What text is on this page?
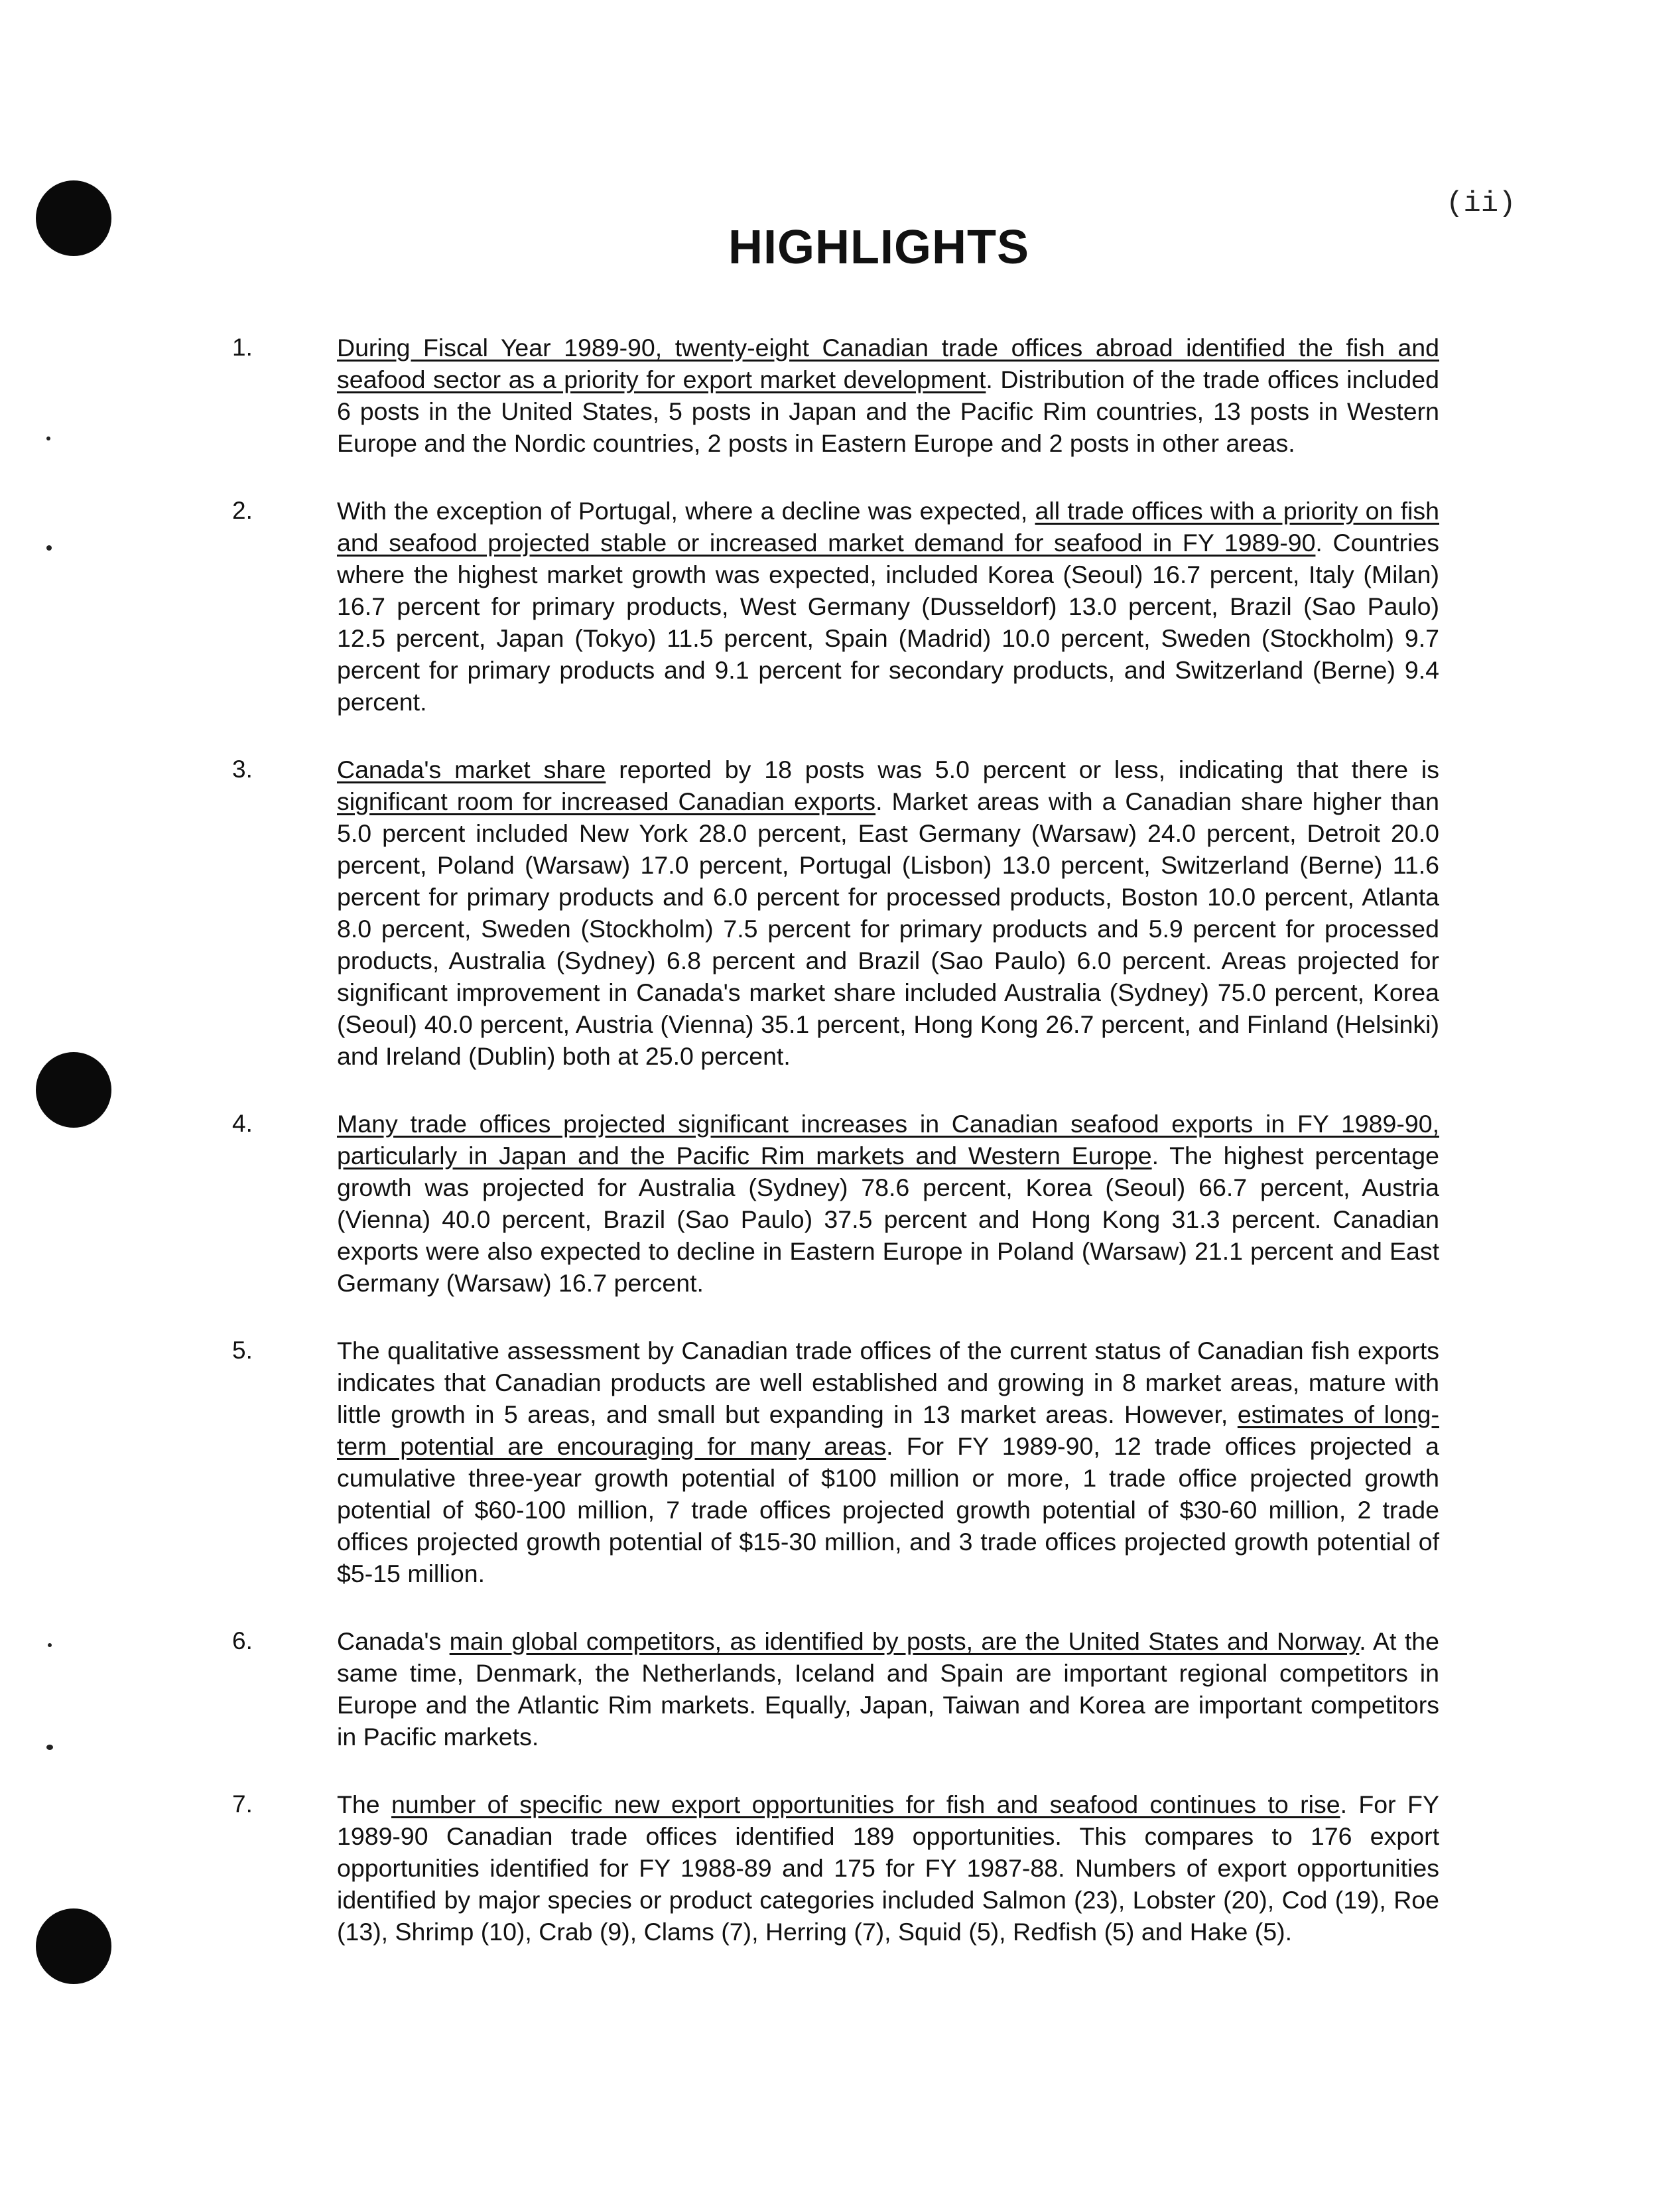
(ii)
HIGHLIGHTS
1.	During Fiscal Year 1989-90, twenty-eight Canadian trade offices abroad identified the fish and seafood sector as a priority for export market development. Distribution of the trade offices included 6 posts in the United States, 5 posts in Japan and the Pacific Rim countries, 13 posts in Western Europe and the Nordic countries, 2 posts in Eastern Europe and 2 posts in other areas.
2.	With the exception of Portugal, where a decline was expected, all trade offices with a priority on fish and seafood projected stable or increased market demand for seafood in FY 1989-90. Countries where the highest market growth was expected, included Korea (Seoul) 16.7 percent, Italy (Milan) 16.7 percent for primary products, West Germany (Dusseldorf) 13.0 percent, Brazil (Sao Paulo) 12.5 percent, Japan (Tokyo) 11.5 percent, Spain (Madrid) 10.0 percent, Sweden (Stockholm) 9.7 percent for primary products and 9.1 percent for secondary products, and Switzerland (Berne) 9.4 percent.
3.	Canada's market share reported by 18 posts was 5.0 percent or less, indicating that there is significant room for increased Canadian exports. Market areas with a Canadian share higher than 5.0 percent included New York 28.0 percent, East Germany (Warsaw) 24.0 percent, Detroit 20.0 percent, Poland (Warsaw) 17.0 percent, Portugal (Lisbon) 13.0 percent, Switzerland (Berne) 11.6 percent for primary products and 6.0 percent for processed products, Boston 10.0 percent, Atlanta 8.0 percent, Sweden (Stockholm) 7.5 percent for primary products and 5.9 percent for processed products, Australia (Sydney) 6.8 percent and Brazil (Sao Paulo) 6.0 percent. Areas projected for significant improvement in Canada's market share included Australia (Sydney) 75.0 percent, Korea (Seoul) 40.0 percent, Austria (Vienna) 35.1 percent, Hong Kong 26.7 percent, and Finland (Helsinki) and Ireland (Dublin) both at 25.0 percent.
4.	Many trade offices projected significant increases in Canadian seafood exports in FY 1989-90, particularly in Japan and the Pacific Rim markets and Western Europe. The highest percentage growth was projected for Australia (Sydney) 78.6 percent, Korea (Seoul) 66.7 percent, Austria (Vienna) 40.0 percent, Brazil (Sao Paulo) 37.5 percent and Hong Kong 31.3 percent. Canadian exports were also expected to decline in Eastern Europe in Poland (Warsaw) 21.1 percent and East Germany (Warsaw) 16.7 percent.
5.	The qualitative assessment by Canadian trade offices of the current status of Canadian fish exports indicates that Canadian products are well established and growing in 8 market areas, mature with little growth in 5 areas, and small but expanding in 13 market areas. However, estimates of long-term potential are encouraging for many areas. For FY 1989-90, 12 trade offices projected a cumulative three-year growth potential of $100 million or more, 1 trade office projected growth potential of $60-100 million, 7 trade offices projected growth potential of $30-60 million, 2 trade offices projected growth potential of $15-30 million, and 3 trade offices projected growth potential of $5-15 million.
6.	Canada's main global competitors, as identified by posts, are the United States and Norway. At the same time, Denmark, the Netherlands, Iceland and Spain are important regional competitors in Europe and the Atlantic Rim markets. Equally, Japan, Taiwan and Korea are important competitors in Pacific markets.
7.	The number of specific new export opportunities for fish and seafood continues to rise. For FY 1989-90 Canadian trade offices identified 189 opportunities. This compares to 176 export opportunities identified for FY 1988-89 and 175 for FY 1987-88. Numbers of export opportunities identified by major species or product categories included Salmon (23), Lobster (20), Cod (19), Roe (13), Shrimp (10), Crab (9), Clams (7), Herring (7), Squid (5), Redfish (5) and Hake (5).
